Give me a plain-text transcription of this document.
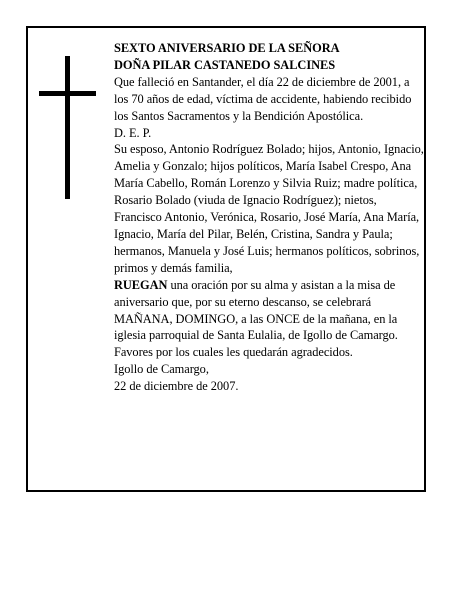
SEXTO ANIVERSARIO DE LA SEÑORA

DOÑA PILAR CASTANEDO SALCINES

Que falleció en Santander, el día 22 de diciembre de 2001, a los 70 años de edad, víctima de accidente, habiendo recibido los Santos Sacramentos y la Bendición Apostólica.

D. E. P.

Su esposo, Antonio Rodríguez Bolado; hijos, Antonio, Ignacio, Amelia y Gonzalo; hijos políticos, María Isabel Crespo, Ana María Cabello, Román Lorenzo y Silvia Ruiz; madre política, Rosario Bolado (viuda de Ignacio Rodríguez); nietos, Francisco Antonio, Verónica, Rosario, José María, Ana María, Ignacio, María del Pilar, Belén, Cristina, Sandra y Paula; hermanos, Manuela y José Luis; hermanos políticos, sobrinos, primos y demás familia,

RUEGAN una oración por su alma y asistan a la misa de aniversario que, por su eterno descanso, se celebrará MAÑANA, DOMINGO, a las ONCE de la mañana, en la iglesia parroquial de Santa Eulalia, de Igollo de Camargo. Favores por los cuales les quedarán agradecidos.

Igollo de Camargo,

22 de diciembre de 2007.
